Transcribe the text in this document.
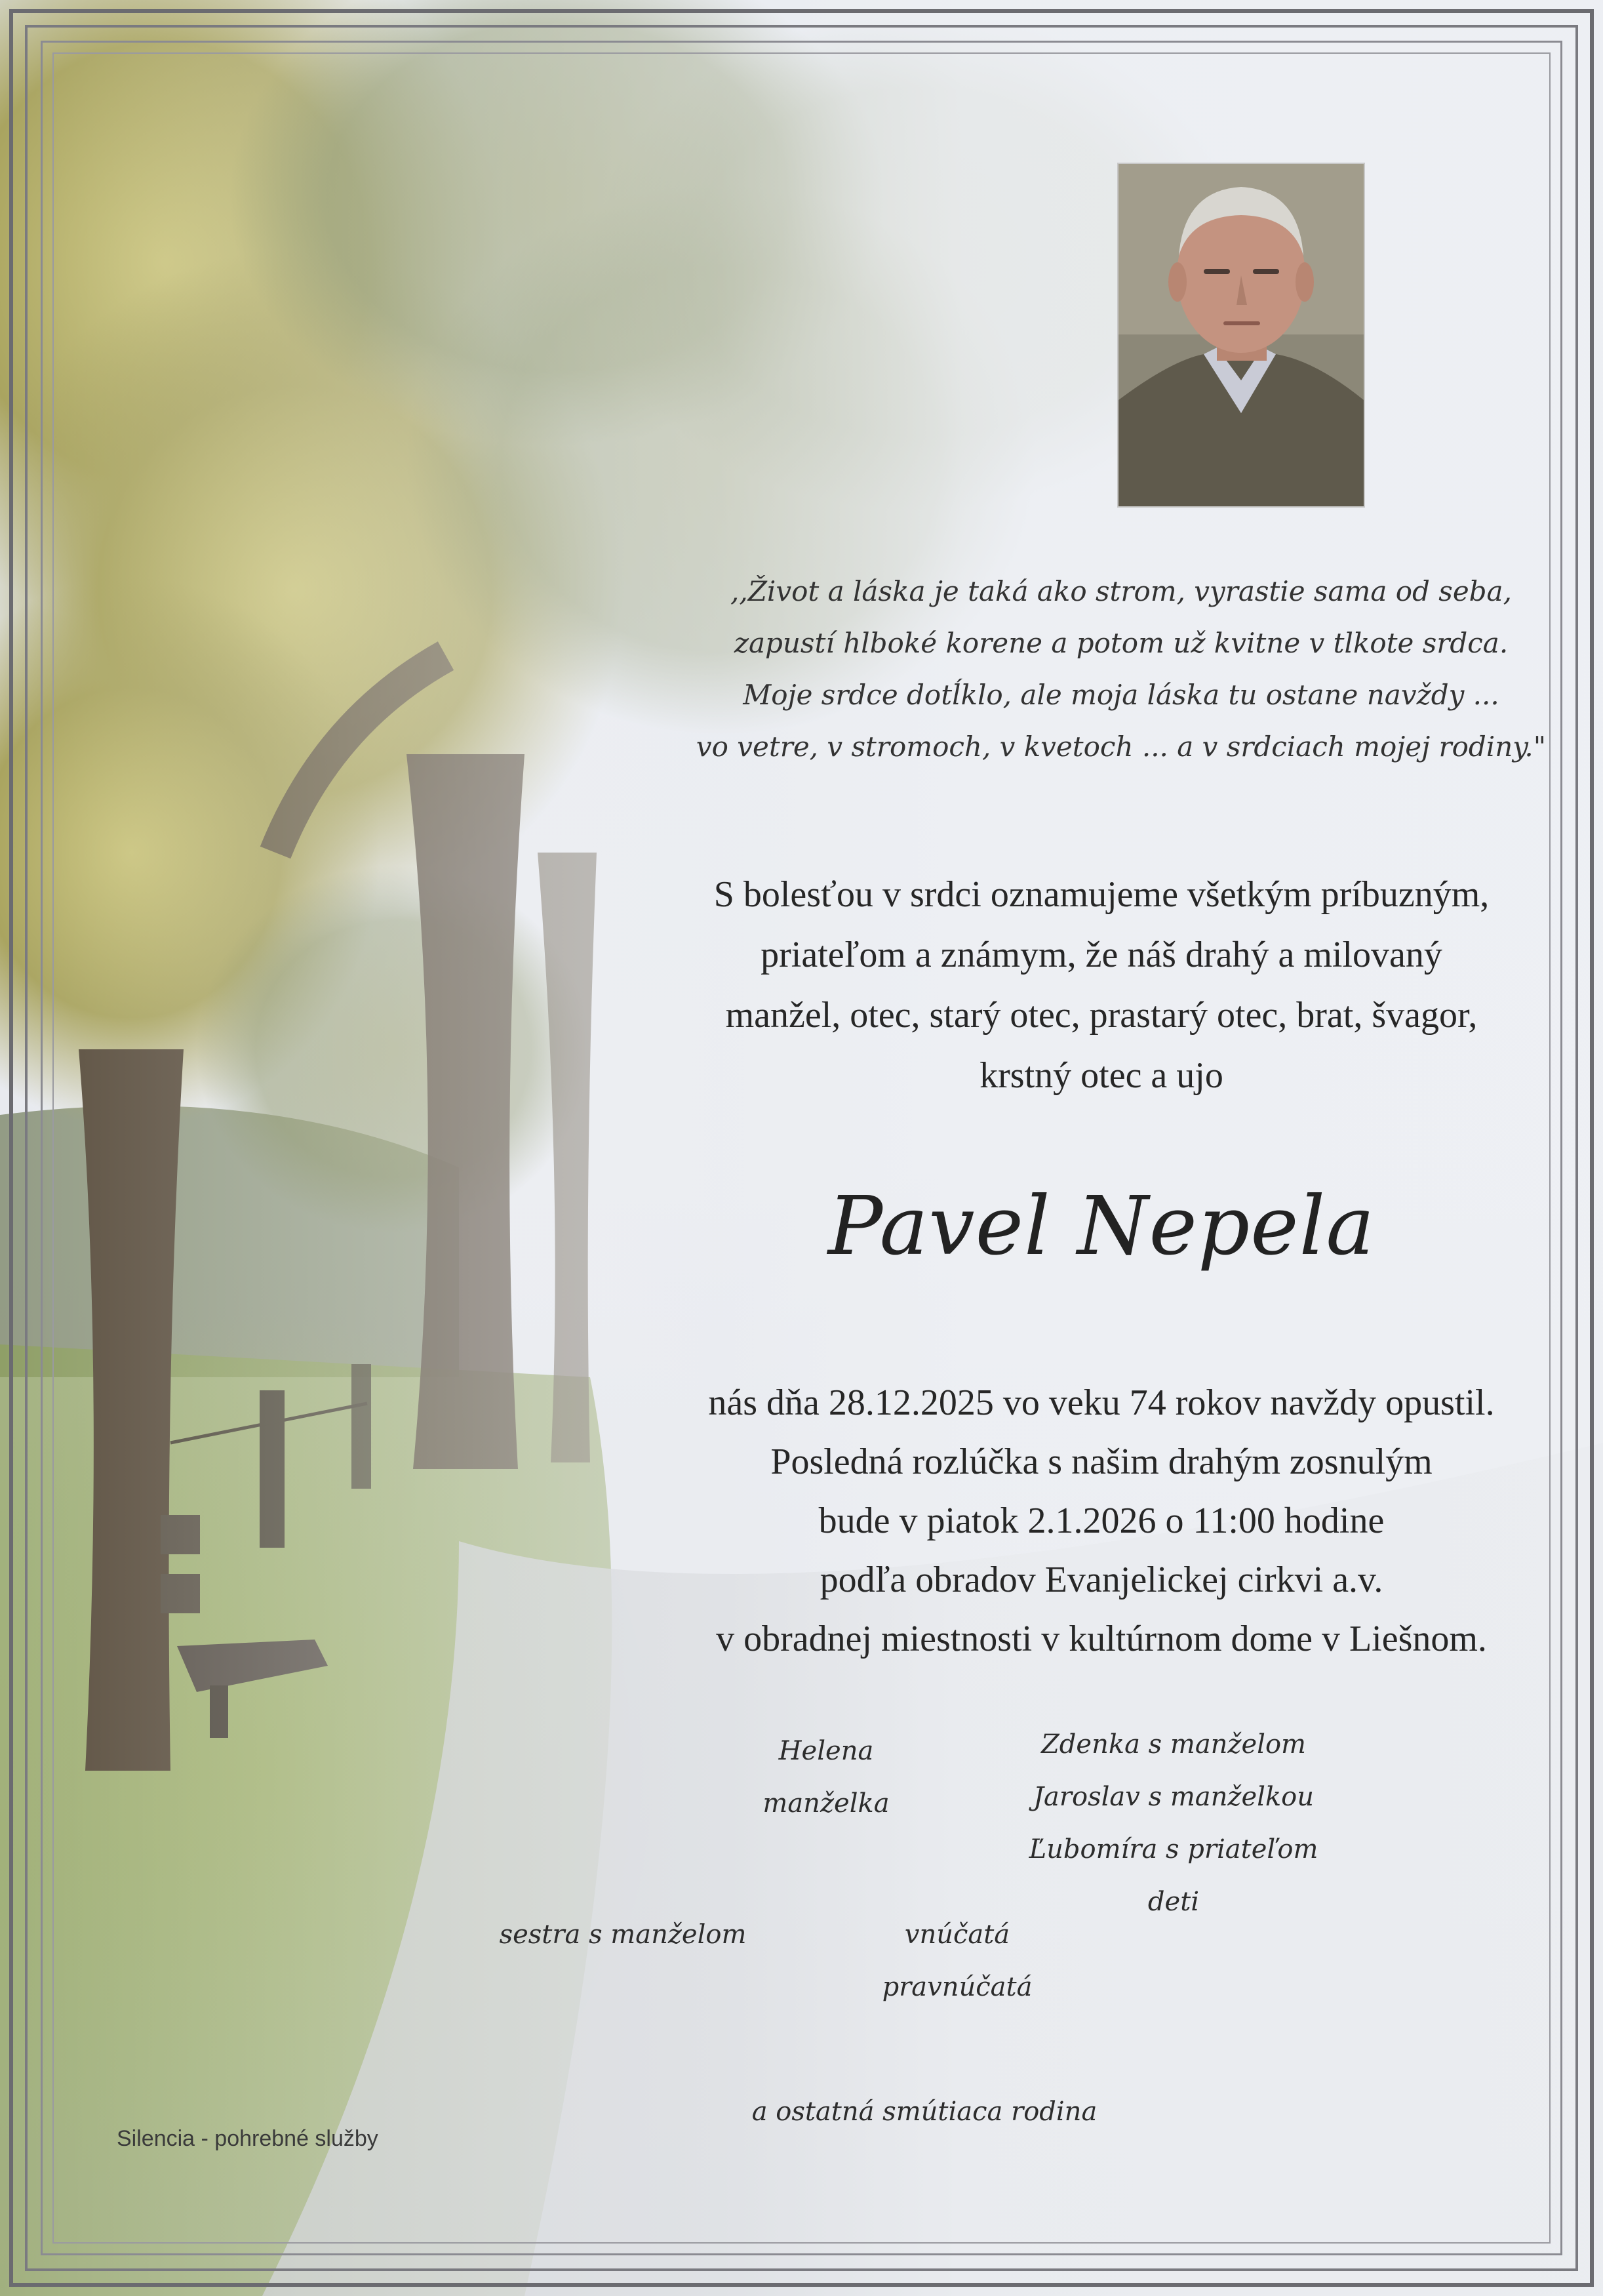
,,Život a láska je taká ako strom, vyrastie sama od seba,
zapustí hlboké korene a potom už kvitne v tlkote srdca.
Moje srdce dotĺklo, ale moja láska tu ostane navždy ...
vo vetre, v stromoch, v kvetoch ... a v srdciach mojej rodiny."
S bolesťou v srdci oznamujeme všetkým príbuzným,
priateľom a známym, že náš drahý a milovaný
manžel, otec, starý otec, prastarý otec, brat, švagor,
krstný otec a ujo
Pavel Nepela
nás dňa 28.12.2025 vo veku 74 rokov navždy opustil.
Posledná rozlúčka s našim drahým zosnulým
bude v piatok 2.1.2026 o 11:00 hodine
podľa obradov Evanjelickej cirkvi a.v.
v obradnej miestnosti v kultúrnom dome v Liešnom.
Helena
manželka
Zdenka s manželom
Jaroslav s manželkou
Ľubomíra s priateľom
deti
sestra s manželom	vnúčatá
pravnúčatá
a ostatná smútiaca rodina
Silencia - pohrebné služby
